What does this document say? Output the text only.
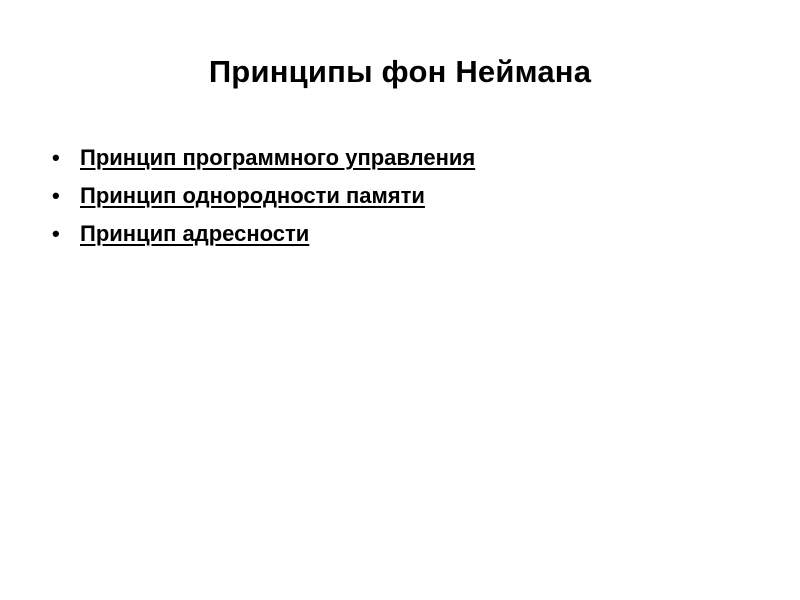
Принципы фон Неймана
• Принцип программного управления
• Принцип однородности памяти
• Принцип адресности
